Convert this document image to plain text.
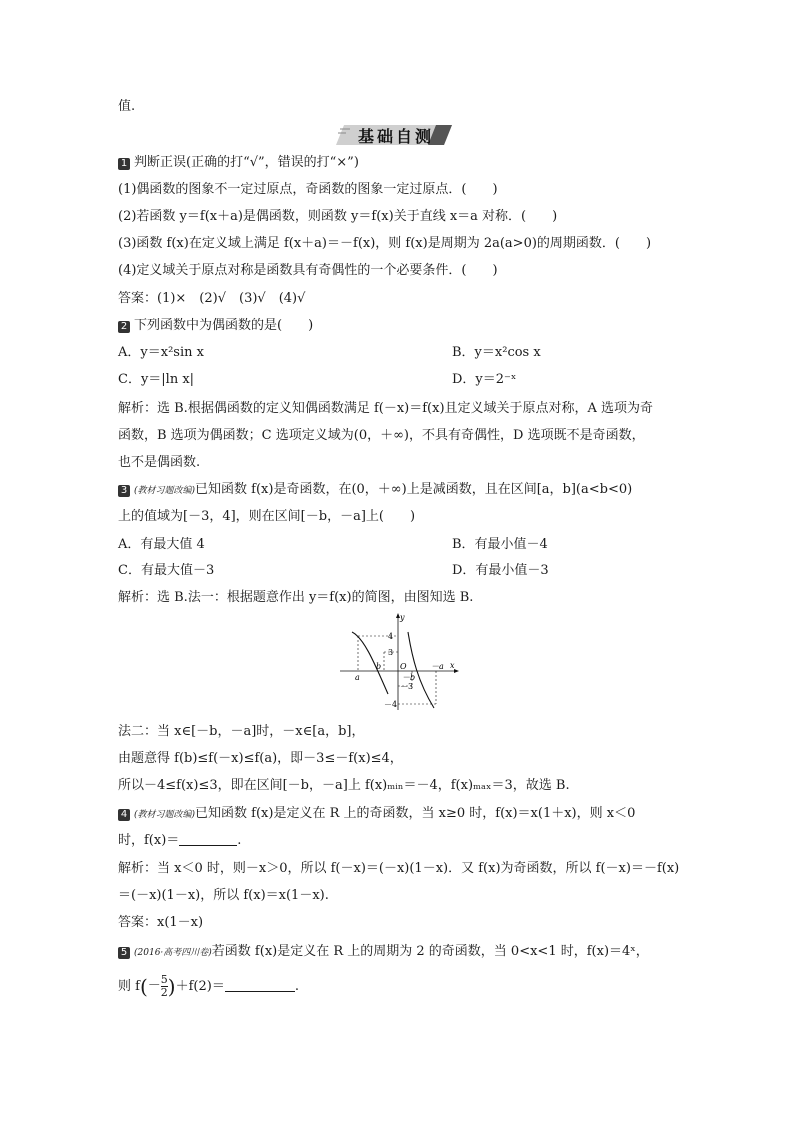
值.
基础自测
1 判断正误(正确的打“√”，错误的打“×”)
(1)偶函数的图象不一定过原点，奇函数的图象一定过原点．(　　)
(2)若函数 y＝f(x＋a)是偶函数，则函数 y＝f(x)关于直线 x＝a 对称．(　　)
(3)函数 f(x)在定义域上满足 f(x＋a)＝－f(x)，则 f(x)是周期为 2a(a>0)的周期函数．(　　)
(4)定义域关于原点对称是函数具有奇偶性的一个必要条件．(　　)
答案：(1)×　(2)√　(3)√　(4)√
2 下列函数中为偶函数的是(　　)
A．y＝x²sin x	B．y＝x²cos x
C．y＝|ln x|	D．y＝2⁻ˣ
解析：选 B.根据偶函数的定义知偶函数满足 f(－x)＝f(x)且定义域关于原点对称，A 选项为奇
函数，B 选项为偶函数；C 选项定义域为(0，＋∞)，不具有奇偶性，D 选项既不是奇函数，
也不是偶函数.
3 (教材习题改编)已知函数 f(x)是奇函数，在(0，＋∞)上是减函数，且在区间[a，b](a<b<0)
上的值域为[－3，4]，则在区间[－b，－a]上(　　)
A．有最大值 4	B．有最小值－4
C．有最大值－3	D．有最小值－3
解析：选 B.法一：根据题意作出 y＝f(x)的简图，由图知选 B.
y
x
4
3
O
－3
－4
a
b
－b
－a
法二：当 x∈[－b，－a]时，－x∈[a，b]，
由题意得 f(b)≤f(－x)≤f(a)，即－3≤－f(x)≤4，
所以－4≤f(x)≤3，即在区间[－b，－a]上 f(x)ₘᵢₙ＝－4，f(x)ₘₐₓ＝3，故选 B.
4 (教材习题改编)已知函数 f(x)是定义在 R 上的奇函数，当 x≥0 时，f(x)＝x(1＋x)，则 x＜0
时，f(x)＝	.
解析：当 x＜0 时，则－x＞0，所以 f(－x)＝(－x)(1－x)．又 f(x)为奇函数，所以 f(－x)＝－f(x)
＝(－x)(1－x)，所以 f(x)＝x(1－x).
答案：x(1－x)
5 (2016·高考四川卷)若函数 f(x)是定义在 R 上的周期为 2 的奇函数，当 0<x<1 时，f(x)＝4ˣ，
则 $f(-\frac{5}{2} )+f(2)=$	.
